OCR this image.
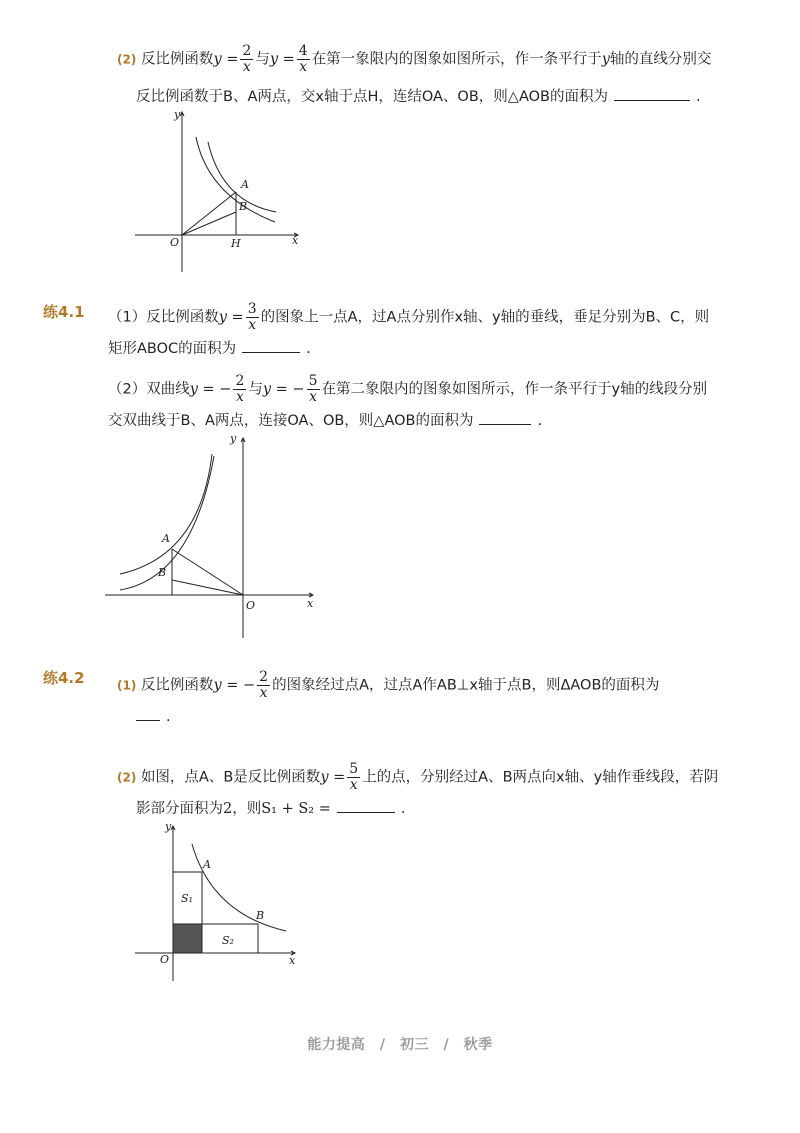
(2) 反比例函数$y = \frac{2}{x}$ 与$y = \frac{4}{x}$ 在第一象限内的图象如图所示，作一条平行于y轴的直线分别交
反比例函数于B、A两点，交x轴于点H，连结OA、OB，则△AOB的面积为	.
y
x
O	H
A
B
练4.1 （1）反比例函数$y = \frac{3}{x}$ 的图象上一点A，过A点分别作x轴、y轴的垂线，垂足分别为B、C，则
矩形ABOC的面积为	.
（2）双曲线y = − $\frac{2}{x}$ 与y = − $\frac{5}{x}$ 在第二象限内的图象如图所示，作一条平行于y轴的线段分别
交双曲线于B、A两点，连接OA、OB，则△AOB的面积为	.
y
x
O
A
B
练4.2	(1) 反比例函数y = − $\frac{2}{x}$ 的图象经过点A，过点A作AB⊥x轴于点B，则ΔAOB的面积为
.
(2) 如图，点A、B是反比例函数$y = \frac{5}{x}$ 上的点，分别经过A、B两点向x轴、y轴作垂线段，若阴
影部分面积为2，则S₁ + S₂ =	.
y
x
O
A
B
S₁
S₂
能力提高　/　初三　/　秋季
